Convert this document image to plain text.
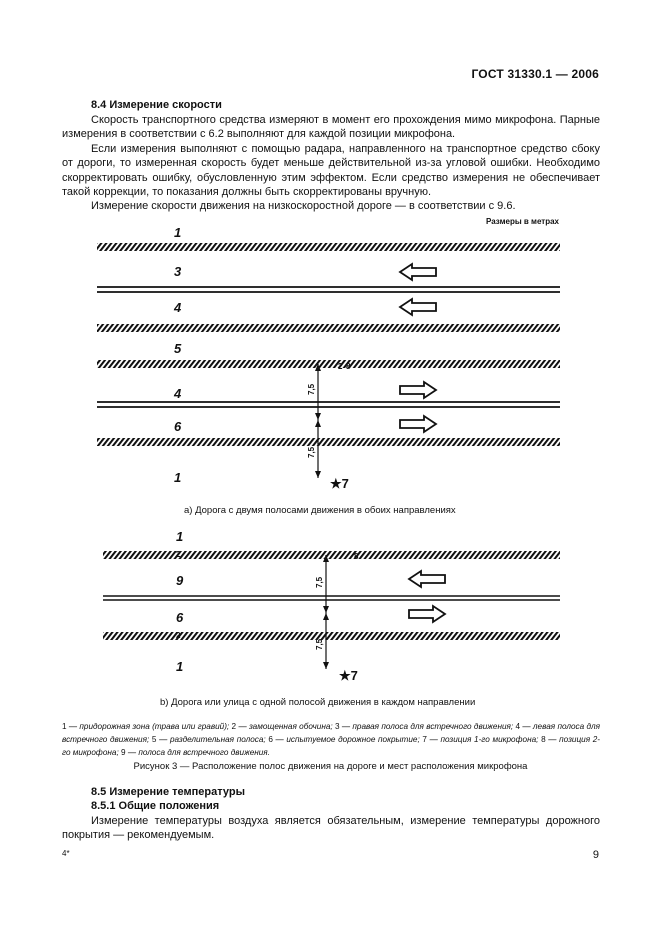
ГОСТ 31330.1 — 2006
8.4 Измерение скорости

Скорость транспортного средства измеряют в момент его прохождения мимо микрофона. Парные измерения в соответствии с 6.2 выполняют для каждой позиции микрофона.

Если измерения выполняют с помощью радара, направленного на транспортное средство сбоку от дороги, то измеренная скорость будет меньше действительной из-за угловой ошибки. Необходимо скорректировать ошибку, обусловленную этим эффектом. Если средство измерения не обеспечивает такой коррекции, то показания должны быть скорректированы вручную.

Измерение скорости движения на низкоскоростной дороге — в соответствии с 9.6.

Размеры в метрах
1
3
4
5
4
6
1
7,5
7,5
2 8
★7
1
9
6
1
2
2
7,5
7,5
8
★7
а) Дорога с двумя полосами движения в обоих направлениях
b) Дорога или улица с одной полосой движения в каждом направлении
1 — придорожная зона (трава или гравий); 2 — замощенная обочина; 3 — правая полоса для встречного движения; 4 — левая полоса для встречного движения; 5 — разделительная полоса; 6 — испытуемое дорожное покрытие; 7 — позиция 1-го микрофона; 8 — позиция 2-го микрофона; 9 — полоса для встречного движения.
Рисунок 3 — Расположение полос движения на дороге и мест расположения микрофона
8.5 Измерение температуры
8.5.1 Общие положения

Измерение температуры воздуха является обязательным, измерение температуры дорожного покрытия — рекомендуемым.

4*	9
